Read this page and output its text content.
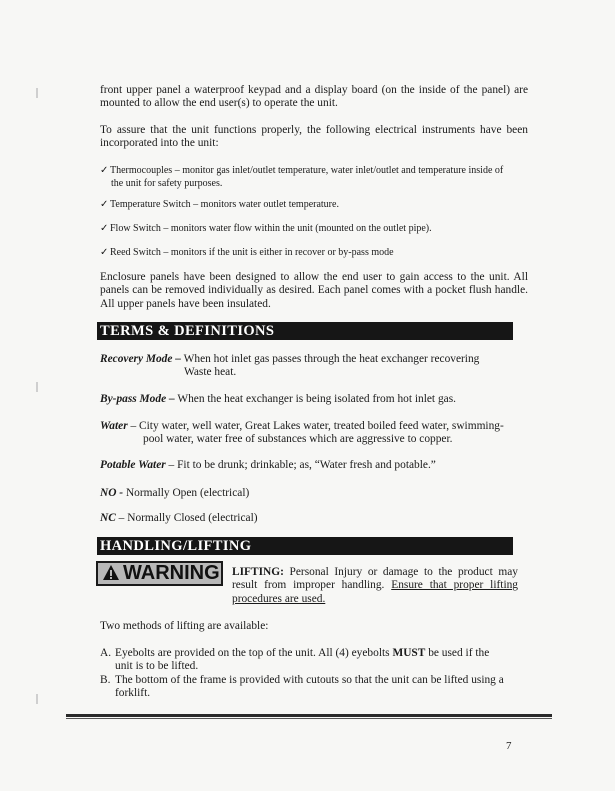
front upper panel a waterproof keypad and a display board (on the inside of the panel) are mounted to allow the end user(s) to operate the unit.

To assure that the unit functions properly, the following electrical instruments have been incorporated into the unit:

✓ Thermocouples – monitor gas inlet/outlet temperature, water inlet/outlet and temperature inside of
the unit for safety purposes.

✓ Temperature Switch – monitors water outlet temperature.

✓ Flow Switch – monitors water flow within the unit (mounted on the outlet pipe).

✓ Reed Switch – monitors if the unit is either in recover or by-pass mode

Enclosure panels have been designed to allow the end user to gain access to the unit. All panels can be removed individually as desired. Each panel comes with a pocket flush handle. All upper panels have been insulated.

TERMS & DEFINITIONS

Recovery Mode – When hot inlet gas passes through the heat exchanger recovering
Waste heat.

By-pass Mode – When the heat exchanger is being isolated from hot inlet gas.

Water – City water, well water, Great Lakes water, treated boiled feed water, swimming-
pool water, water free of substances which are aggressive to copper.

Potable Water – Fit to be drunk; drinkable; as, “Water fresh and potable.”

NO - Normally Open (electrical)

NC – Normally Closed (electrical)

HANDLING/LIFTING
WARNING LIFTING: Personal Injury or damage to the product may result from improper handling. Ensure that proper lifting procedures are used.

Two methods of lifting are available:

A. Eyebolts are provided on the top of the unit. All (4) eyebolts MUST be used if the
unit is to be lifted.

B. The bottom of the frame is provided with cutouts so that the unit can be lifted using a
forklift.

7
